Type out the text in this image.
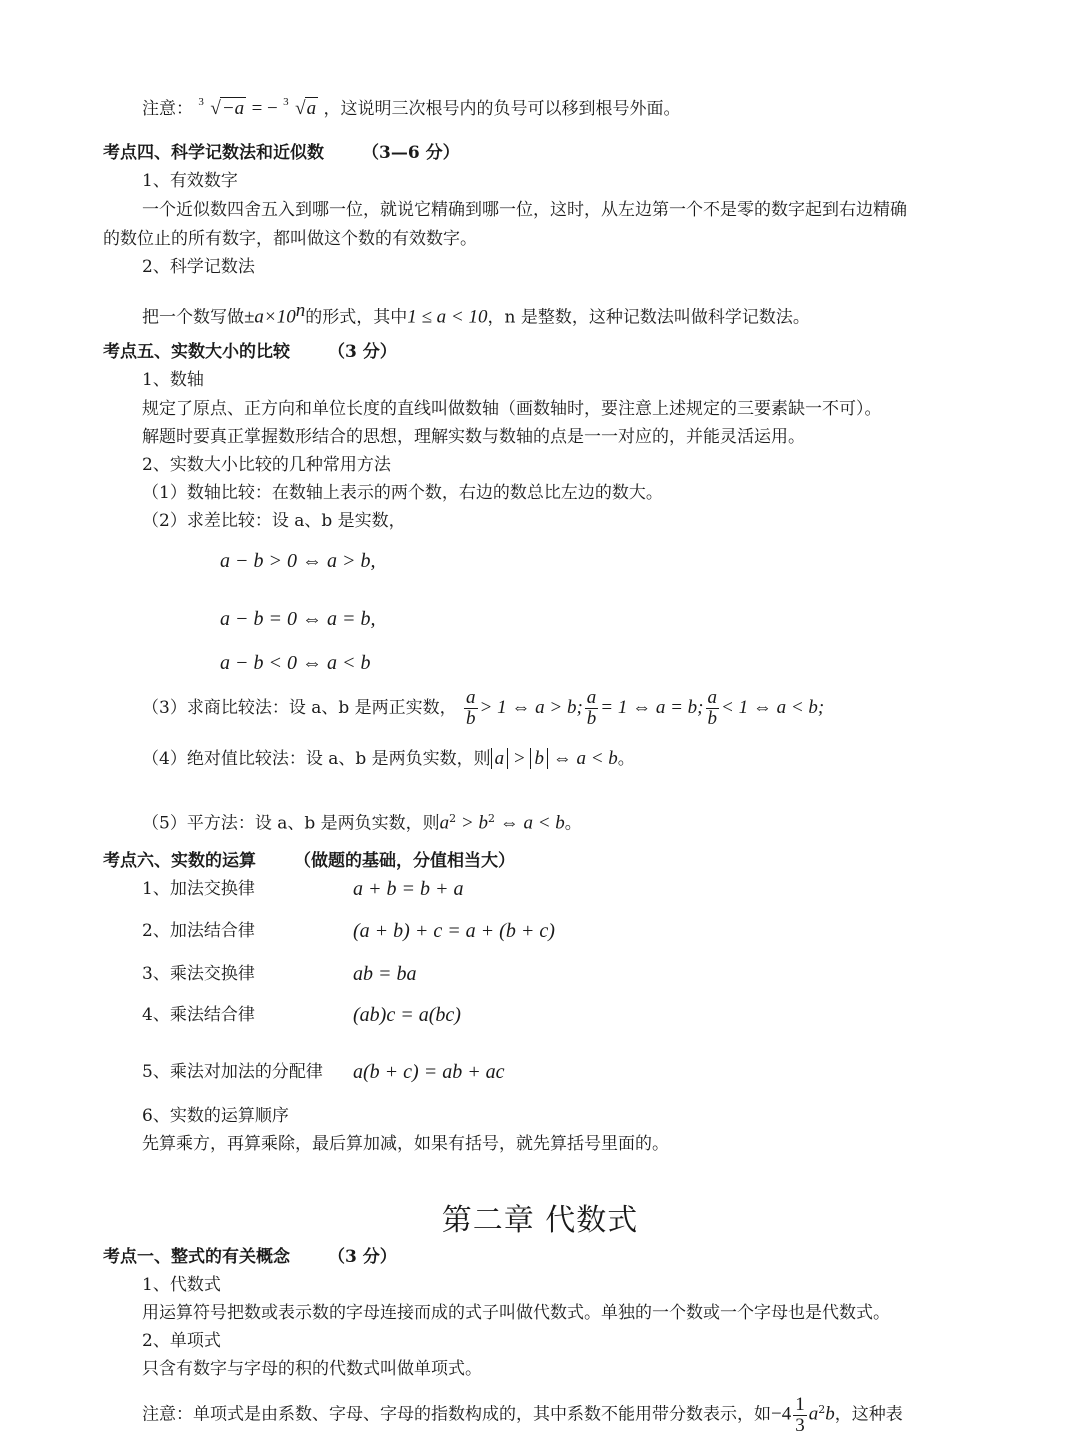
注意： 3 √−a = − 3 √a ，这说明三次根号内的负号可以移到根号外面。
考点四、科学记数法和近似数 （3—6 分）
1、有效数字
一个近似数四舍五入到哪一位，就说它精确到哪一位，这时，从左边第一个不是零的数字起到右边精确
的数位止的所有数字，都叫做这个数的有效数字。
2、科学记数法
把一个数写做$\pm a\times 10^n$的形式，其中1 ≤ a < 10，n 是整数，这种记数法叫做科学记数法。
考点五、实数大小的比较 （3 分）
1、数轴
规定了原点、正方向和单位长度的直线叫做数轴（画数轴时，要注意上述规定的三要素缺一不可）。
解题时要真正掌握数形结合的思想，理解实数与数轴的点是一一对应的，并能灵活运用。
2、实数大小比较的几种常用方法
（1）数轴比较：在数轴上表示的两个数，右边的数总比左边的数大。
（2）求差比较：设 a、b 是实数，
a − b > 0 ⇔ a > b,
a − b = 0 ⇔ a = b,
a − b < 0 ⇔ a < b
（3）求商比较法：设 a、b 是两正实数， $\frac{a}{b} > 1$ ⇔ a > b; $\frac{a}{b} = 1$ ⇔ a = b; $\frac{a}{b} < 1$ ⇔ a < b;
（4）绝对值比较法：设 a、b 是两负实数，则 a > b ⇔ a < b。
（5）平方法：设 a、b 是两负实数，则$a^2 > b^2$ ⇔ a < b。
考点六、实数的运算 （做题的基础，分值相当大）
1、加法交换律	a + b = b + a
2、加法结合律	(a + b) + c = a + (b + c)
3、乘法交换律	ab = ba
4、乘法结合律	(ab)c = a(bc)
5、乘法对加法的分配律 a(b + c) = ab + ac
6、实数的运算顺序
先算乘方，再算乘除，最后算加减，如果有括号，就先算括号里面的。
第二章 代数式
考点一、整式的有关概念 （3 分）
1、代数式
用运算符号把数或表示数的字母连接而成的式子叫做代数式。单独的一个数或一个字母也是代数式。
2、单项式
只含有数字与字母的积的代数式叫做单项式。
注意：单项式是由系数、字母、字母的指数构成的，其中系数不能用带分数表示，如$-4 \frac{1}{3} a^2b$，这种表
